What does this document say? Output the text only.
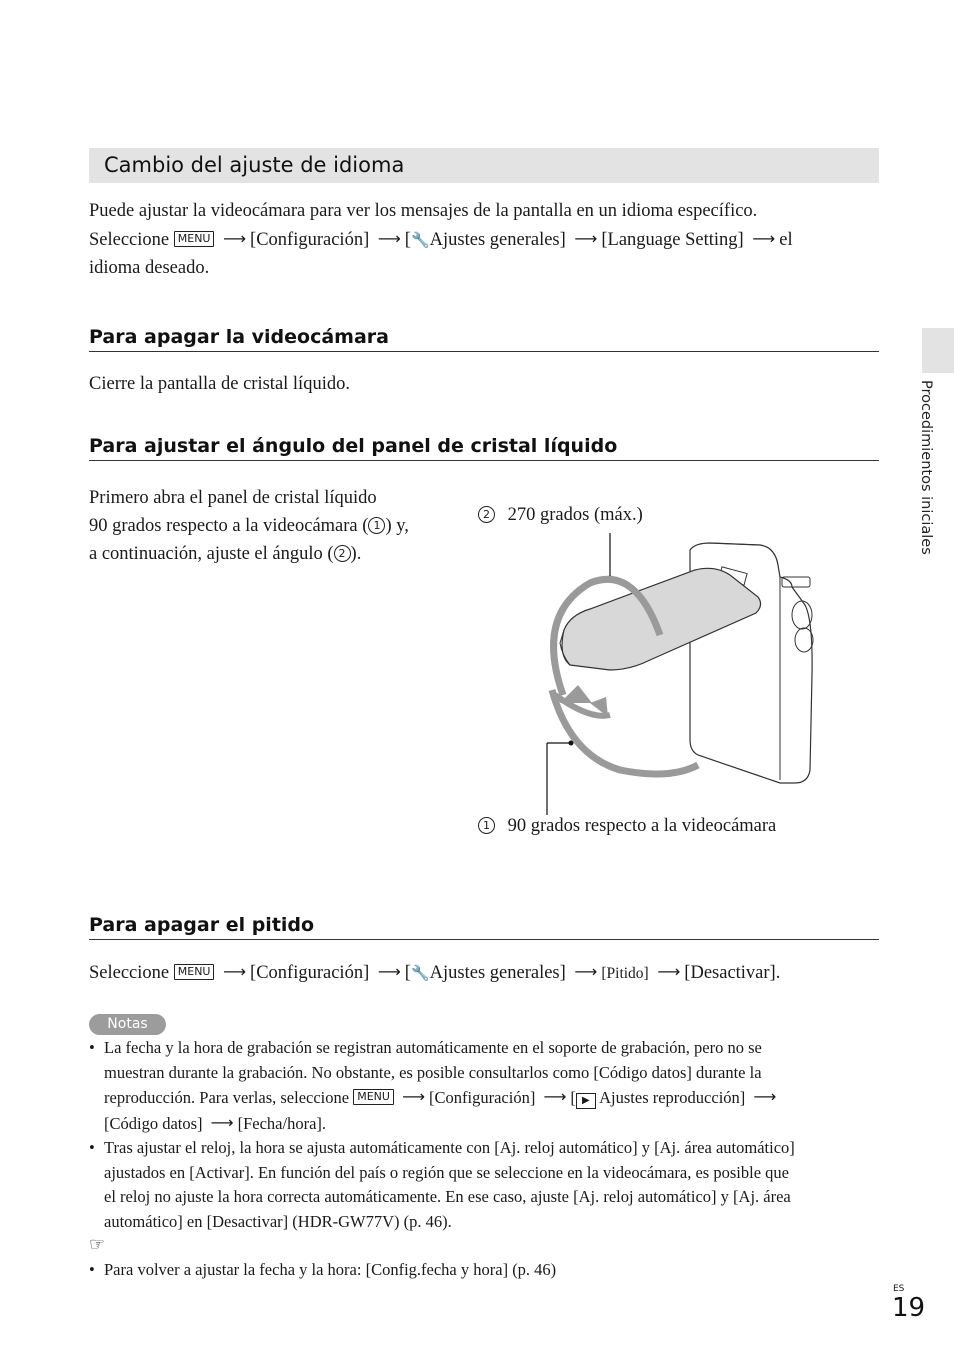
Cambio del ajuste de idioma
Puede ajustar la videocámara para ver los mensajes de la pantalla en un idioma específico.
Seleccione MENU ⟶ [Configuración] ⟶ [🔧Ajustes generales] ⟶ [Language Setting] ⟶ el
idioma deseado.
Para apagar la videocámara
Cierre la pantalla de cristal líquido.
Para ajustar el ángulo del panel de cristal líquido
Primero abra el panel de cristal líquido
90 grados respecto a la videocámara ( 1 ) y,
a continuación, ajuste el ángulo ( 2 ).
2 270 grados (máx.)
1 90 grados respecto a la videocámara
Para apagar el pitido
Seleccione MENU ⟶ [Configuración] ⟶ [🔧Ajustes generales] ⟶ [Pitido] ⟶ [Desactivar].
Notas
• La fecha y la hora de grabación se registran automáticamente en el soporte de grabación, pero no se
muestran durante la grabación. No obstante, es posible consultarlos como [Código datos] durante la
reproducción. Para verlas, seleccione MENU ⟶ [Configuración] ⟶ [ ▶ Ajustes reproducción] ⟶
[Código datos] ⟶ [Fecha/hora].
• Tras ajustar el reloj, la hora se ajusta automáticamente con [Aj. reloj automático] y [Aj. área automático]
ajustados en [Activar]. En función del país o región que se seleccione en la videocámara, es posible que
el reloj no ajuste la hora correcta automáticamente. En ese caso, ajuste [Aj. reloj automático] y [Aj. área
automático] en [Desactivar] (HDR-GW77V) (p. 46).
☞
• Para volver a ajustar la fecha y la hora: [Config.fecha y hora] (p. 46)
Procedimientos iniciales
ES
19
